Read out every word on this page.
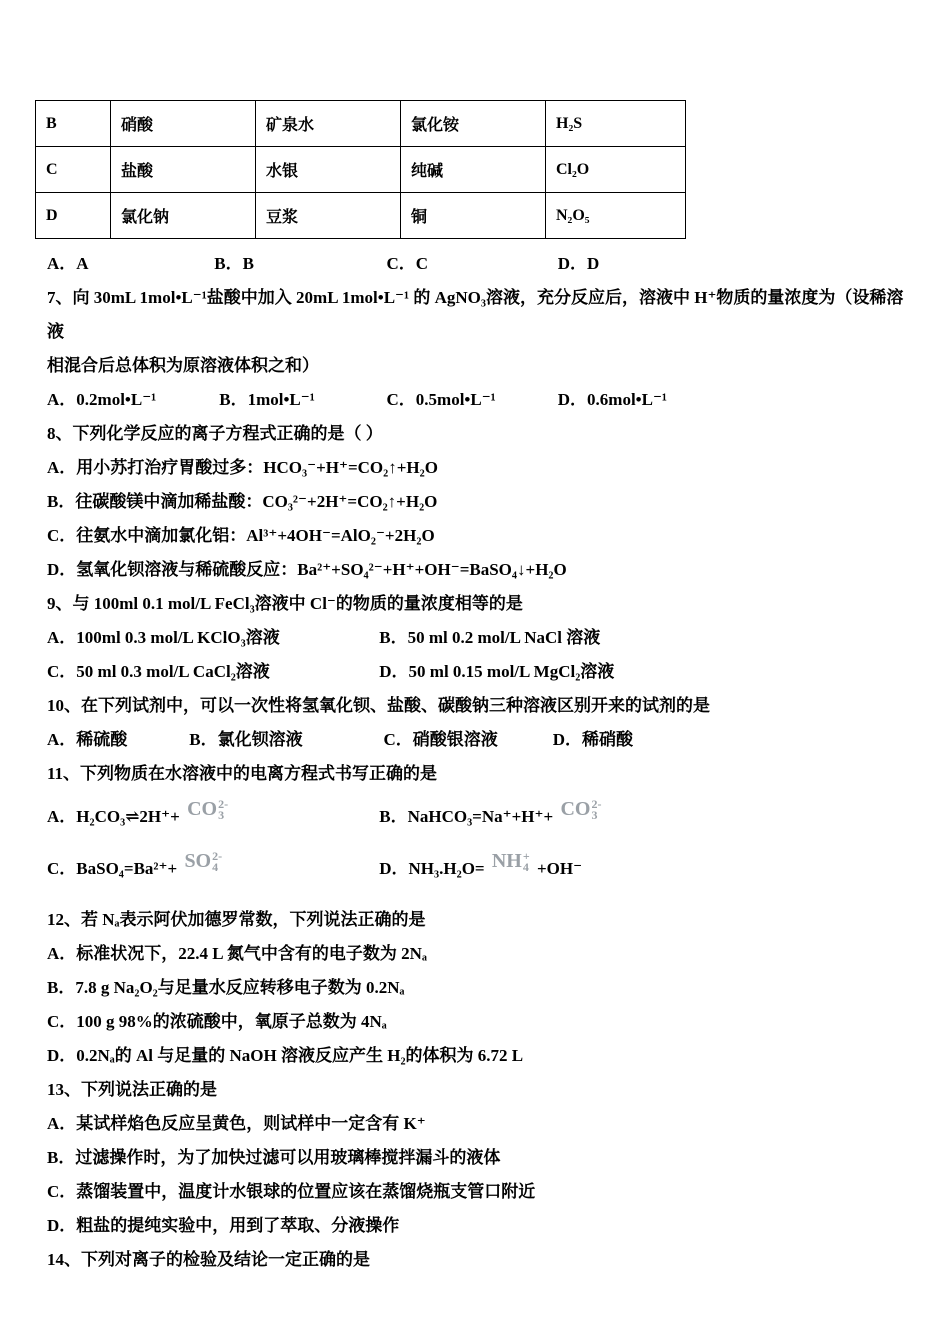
B	硝酸	矿泉水	氯化铵	H₂S
C	盐酸	水银	纯碱	Cl₂O
D	氯化钠	豆浆	铜	N₂O₅
A．A	B．B	C．C	D．D
7、向 30mL 1mol•L⁻¹盐酸中加入 20mL 1mol•L⁻¹ 的 AgNO₃溶液，充分反应后，溶液中 H⁺物质的量浓度为（设稀溶液
相混合后总体积为原溶液体积之和）
A．0.2mol•L⁻¹	B．1mol•L⁻¹	C．0.5mol•L⁻¹	D．0.6mol•L⁻¹
8、下列化学反应的离子方程式正确的是（ ）
A．用小苏打治疗胃酸过多：HCO₃⁻+H⁺=CO₂↑+H₂O
B．往碳酸镁中滴加稀盐酸：CO₃²⁻+2H⁺=CO₂↑+H₂O
C．往氨水中滴加氯化铝：Al³⁺+4OH⁻=AlO₂⁻+2H₂O
D．氢氧化钡溶液与稀硫酸反应：Ba²⁺+SO₄²⁻+H⁺+OH⁻=BaSO₄↓+H₂O
9、与 100ml 0.1 mol/L FeCl₃溶液中 Cl⁻的物质的量浓度相等的是
A．100ml 0.3 mol/L KClO₃溶液	B．50 ml 0.2 mol/L NaCl 溶液
C．50 ml 0.3 mol/L CaCl₂溶液	D．50 ml 0.15 mol/L MgCl₂溶液
10、在下列试剂中，可以一次性将氢氧化钡、盐酸、碳酸钠三种溶液区别开来的试剂的是
A．稀硫酸	B．氯化钡溶液	C．硝酸银溶液	D．稀硝酸
11、下列物质在水溶液中的电离方程式书写正确的是
A．H₂CO₃⇌2H⁺+ CO 2-
3	B．NaHCO₃=Na⁺+H⁺+ CO 2-
3
C．BaSO₄=Ba²⁺+ SO 2-
4	D．NH₃.H₂O= NH +
4 +OH⁻
12、若 Nₐ表示阿伏加德罗常数，下列说法正确的是
A．标准状况下，22.4 L 氮气中含有的电子数为 2Nₐ
B．7.8 g Na₂O₂与足量水反应转移电子数为 0.2Nₐ
C．100 g 98%的浓硫酸中，氧原子总数为 4Nₐ
D．0.2Nₐ的 Al 与足量的 NaOH 溶液反应产生 H₂的体积为 6.72 L
13、下列说法正确的是
A．某试样焰色反应呈黄色，则试样中一定含有 K⁺
B．过滤操作时，为了加快过滤可以用玻璃棒搅拌漏斗的液体
C．蒸馏装置中，温度计水银球的位置应该在蒸馏烧瓶支管口附近
D．粗盐的提纯实验中，用到了萃取、分液操作
14、下列对离子的检验及结论一定正确的是
